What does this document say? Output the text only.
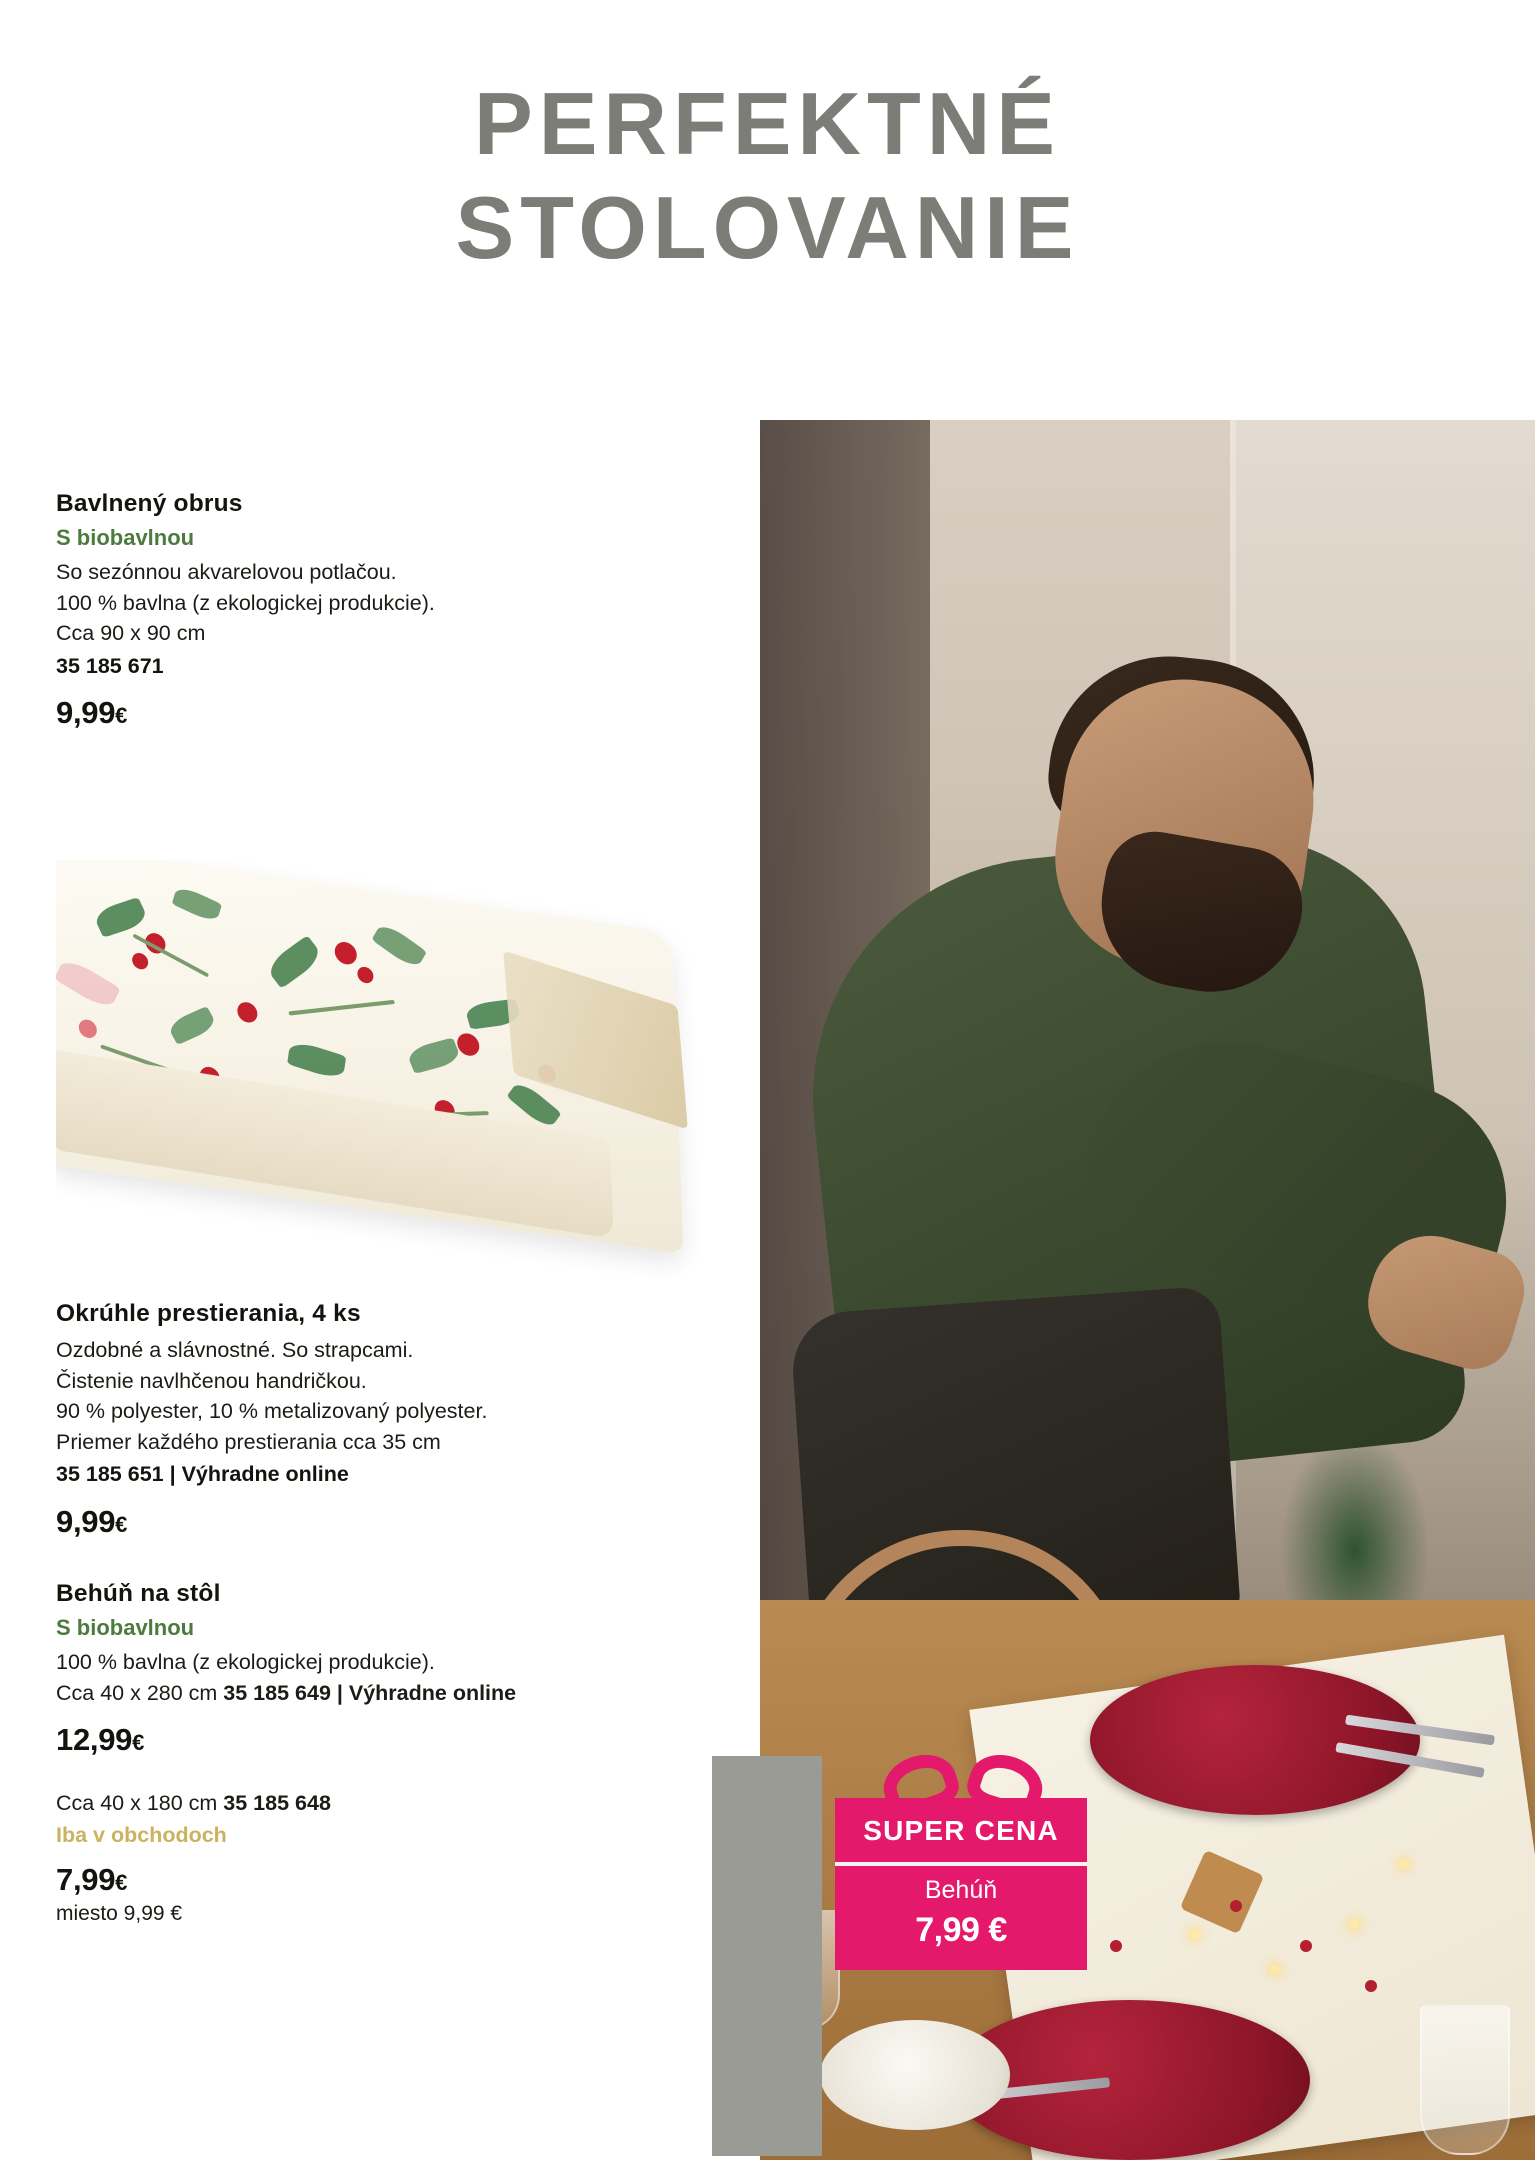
PERFEKTNÉ
STOLOVANIE
SUPER CENA
Behúň
7,99 €
Bavlnený obrus
S biobavlnou
So sezónnou akvarelovou potlačou.
100 % bavlna (z ekologickej produkcie).
Cca 90 x 90 cm
35 185 671
9,99€
Okrúhle prestierania, 4 ks
Ozdobné a slávnostné. So strapcami.
Čistenie navlhčenou handričkou.
90 % polyester, 10 % metalizovaný polyester.
Priemer každého prestierania cca 35 cm
35 185 651 | Výhradne online
9,99€
Behúň na stôl
S biobavlnou
100 % bavlna (z ekologickej produkcie).
Cca 40 x 280 cm 35 185 649 | Výhradne online
12,99€
Cca 40 x 180 cm 35 185 648
Iba v obchodoch
7,99€
miesto 9,99 €
